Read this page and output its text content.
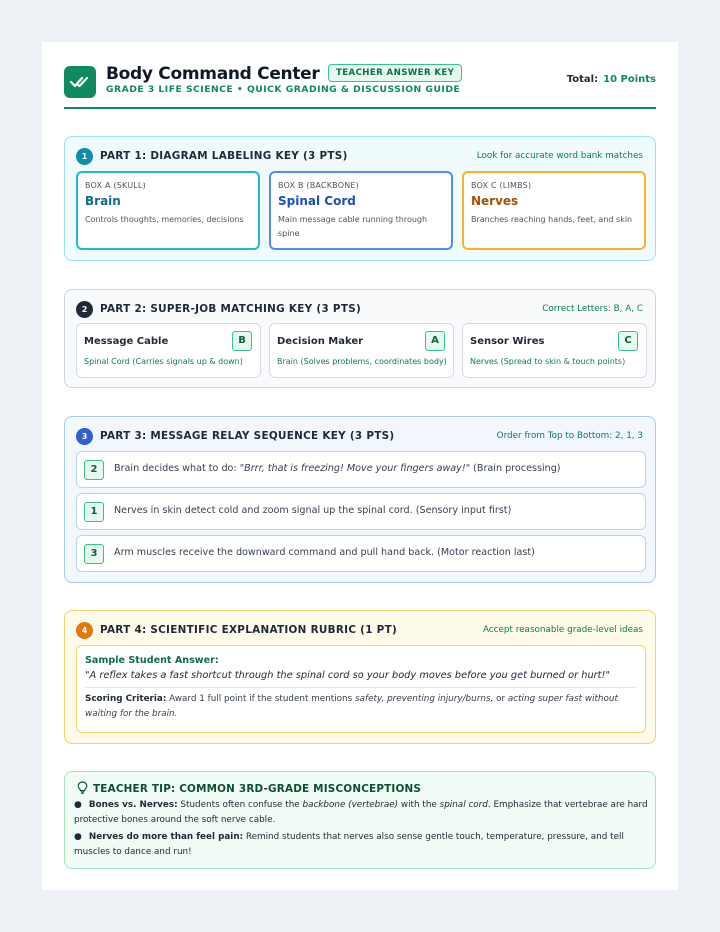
Body Command Center	TEACHER ANSWER KEY
GRADE 3 LIFE SCIENCE • QUICK GRADING & DISCUSSION GUIDE
Total: 10 Points
1	PART 1: DIAGRAM LABELING KEY (3 PTS)	Look for accurate word bank matches
BOX A (SKULL)
Brain
Controls thoughts, memories, decisions
BOX B (BACKBONE)
Spinal Cord
Main message cable running through spine
BOX C (LIMBS)
Nerves
Branches reaching hands, feet, and skin
2	PART 2: SUPER-JOB MATCHING KEY (3 PTS)	Correct Letters: B, A, C
Message Cable	B
Spinal Cord (Carries signals up & down)
Decision Maker	A
Brain (Solves problems, coordinates body)
Sensor Wires	C
Nerves (Spread to skin & touch points)
3	PART 3: MESSAGE RELAY SEQUENCE KEY (3 PTS)	Order from Top to Bottom: 2, 1, 3
2	Brain decides what to do: "Brrr, that is freezing! Move your fingers away!" (Brain processing)
1	Nerves in skin detect cold and zoom signal up the spinal cord. (Sensory input first)
3	Arm muscles receive the downward command and pull hand back. (Motor reaction last)
4	PART 4: SCIENTIFIC EXPLANATION RUBRIC (1 PT)	Accept reasonable grade-level ideas
Sample Student Answer:
"A reflex takes a fast shortcut through the spinal cord so your body moves before you get burned or hurt!"
Scoring Criteria: Award 1 full point if the student mentions safety, preventing injury/burns, or acting super fast without waiting for the brain.
TEACHER TIP: COMMON 3RD-GRADE MISCONCEPTIONS
● Bones vs. Nerves: Students often confuse the backbone (vertebrae) with the spinal cord. Emphasize that vertebrae are hard protective bones around the soft nerve cable.
● Nerves do more than feel pain: Remind students that nerves also sense gentle touch, temperature, pressure, and tell muscles to dance and run!
